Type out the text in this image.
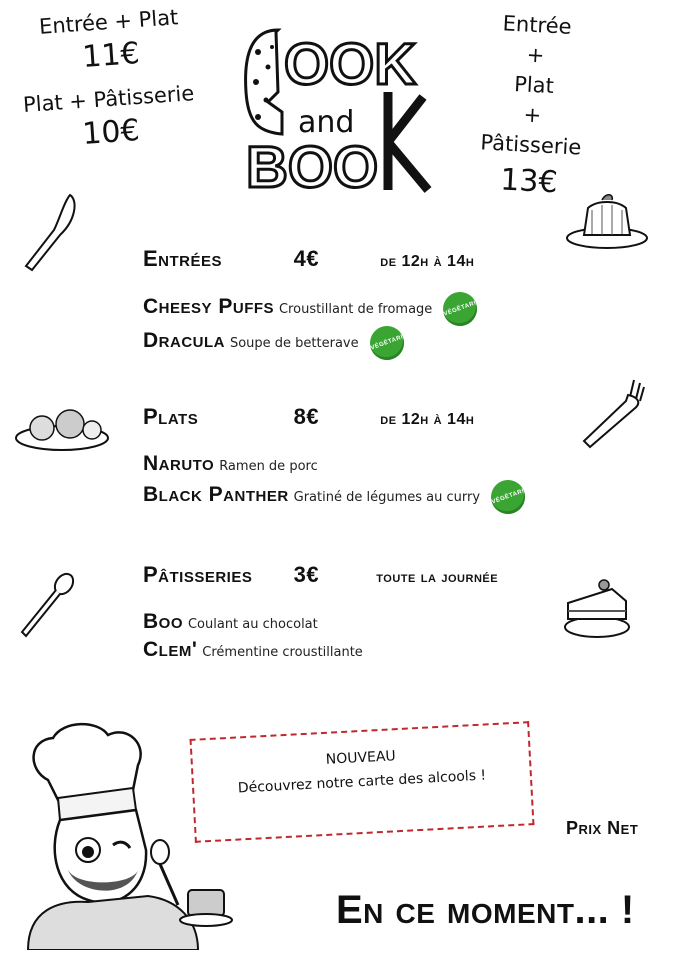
Entrée + Plat
11€
Plat + Pâtisserie
10€
OOK
and
BOO
Entrée
+
Plat
+
Pâtisserie
13€
Entrées	4€	de 12h à 14h
Cheesy Puffs Croustillant de fromage VÉGÉTARIEN
Dracula Soupe de betterave VÉGÉTARIEN
Plats	8€	de 12h à 14h
Naruto Ramen de porc
Black Panther Gratiné de légumes au curry VÉGÉTARIEN
Pâtisseries 3€	toute la journée
Boo Coulant au chocolat
Clem' Crémentine croustillante
NOUVEAU
Découvrez notre carte des alcools !
Prix Net
En ce moment... !
